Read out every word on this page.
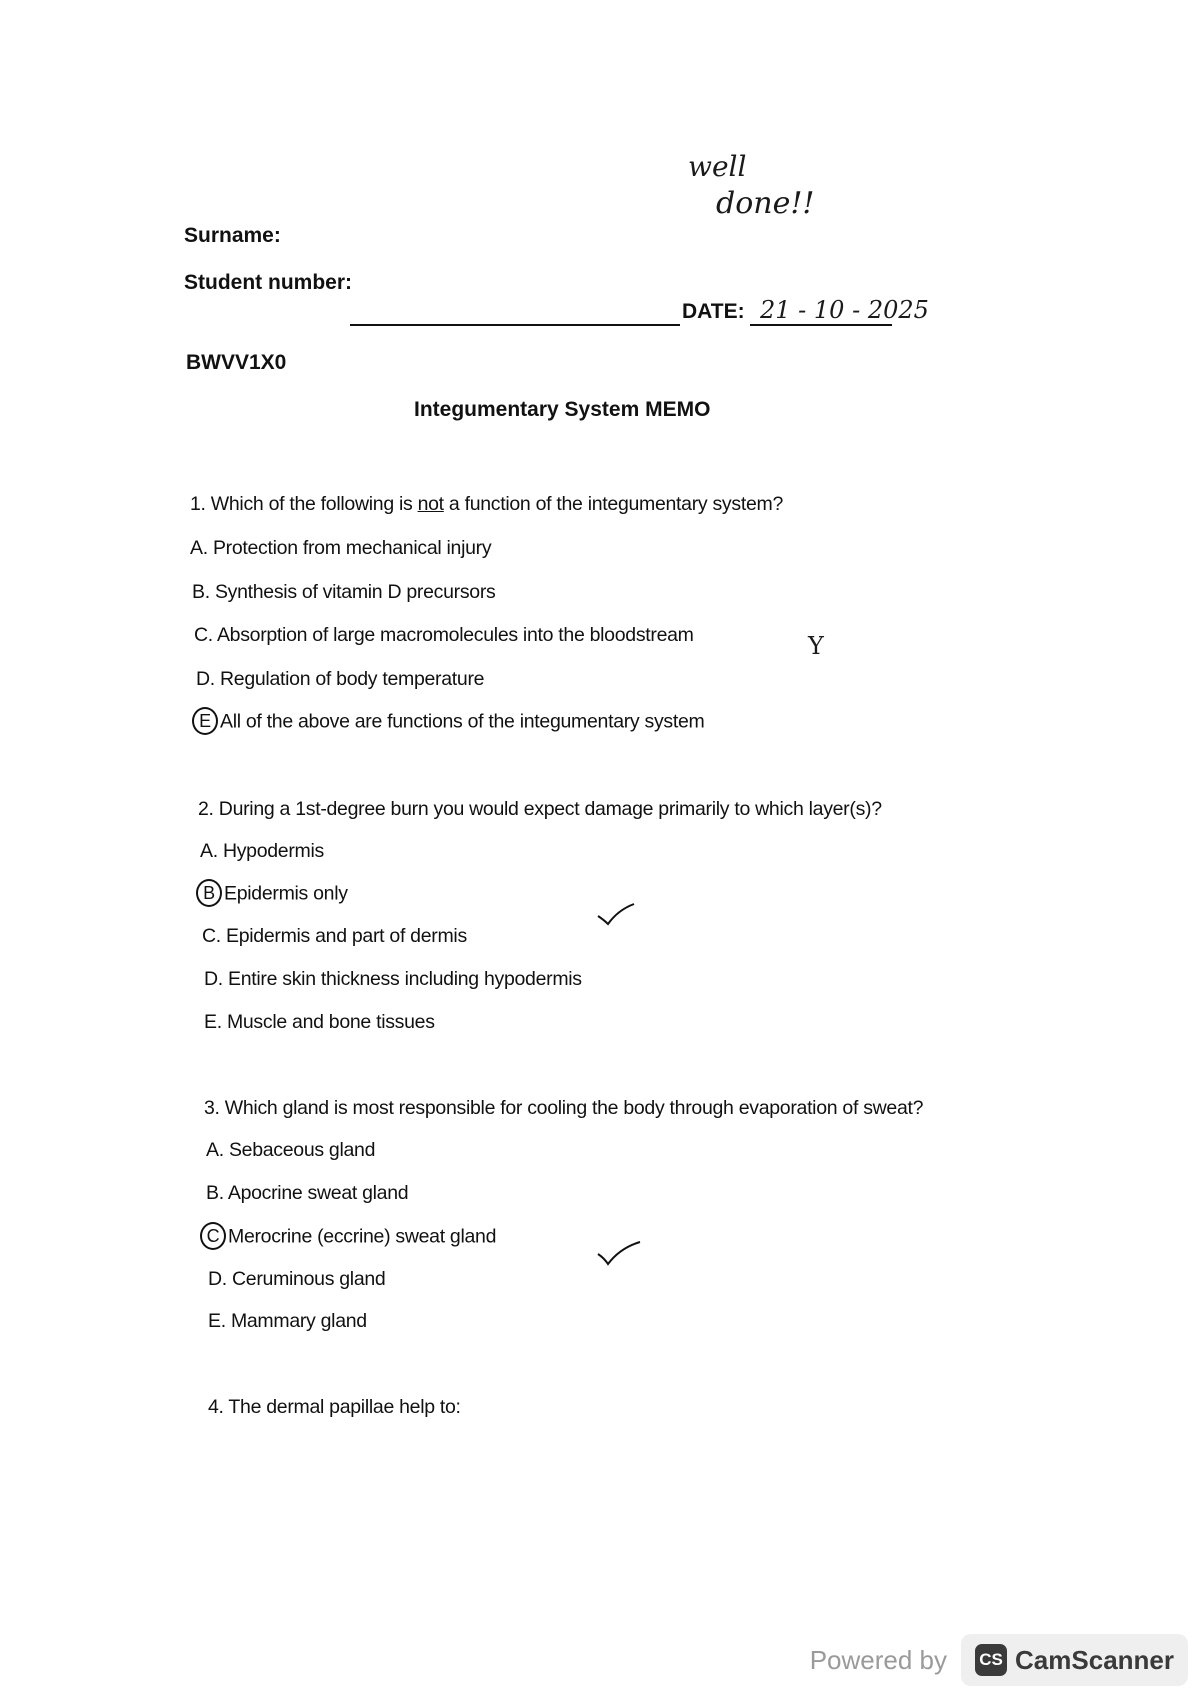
well
done!!
Surname:
Student number:
DATE: 21 - 10 - 2025
BWVV1X0
Integumentary System MEMO
1. Which of the following is not a function of the integumentary system?
A. Protection from mechanical injury
B. Synthesis of vitamin D precursors
C. Absorption of large macromolecules into the bloodstream	Y
D. Regulation of body temperature
E All of the above are functions of the integumentary system
2. During a 1st-degree burn you would expect damage primarily to which layer(s)?
A. Hypodermis
B Epidermis only
C. Epidermis and part of dermis
D. Entire skin thickness including hypodermis
E. Muscle and bone tissues
3. Which gland is most responsible for cooling the body through evaporation of sweat?
A. Sebaceous gland
B. Apocrine sweat gland
C Merocrine (eccrine) sweat gland
D. Ceruminous gland
E. Mammary gland
4. The dermal papillae help to:
Powered by CS CamScanner
